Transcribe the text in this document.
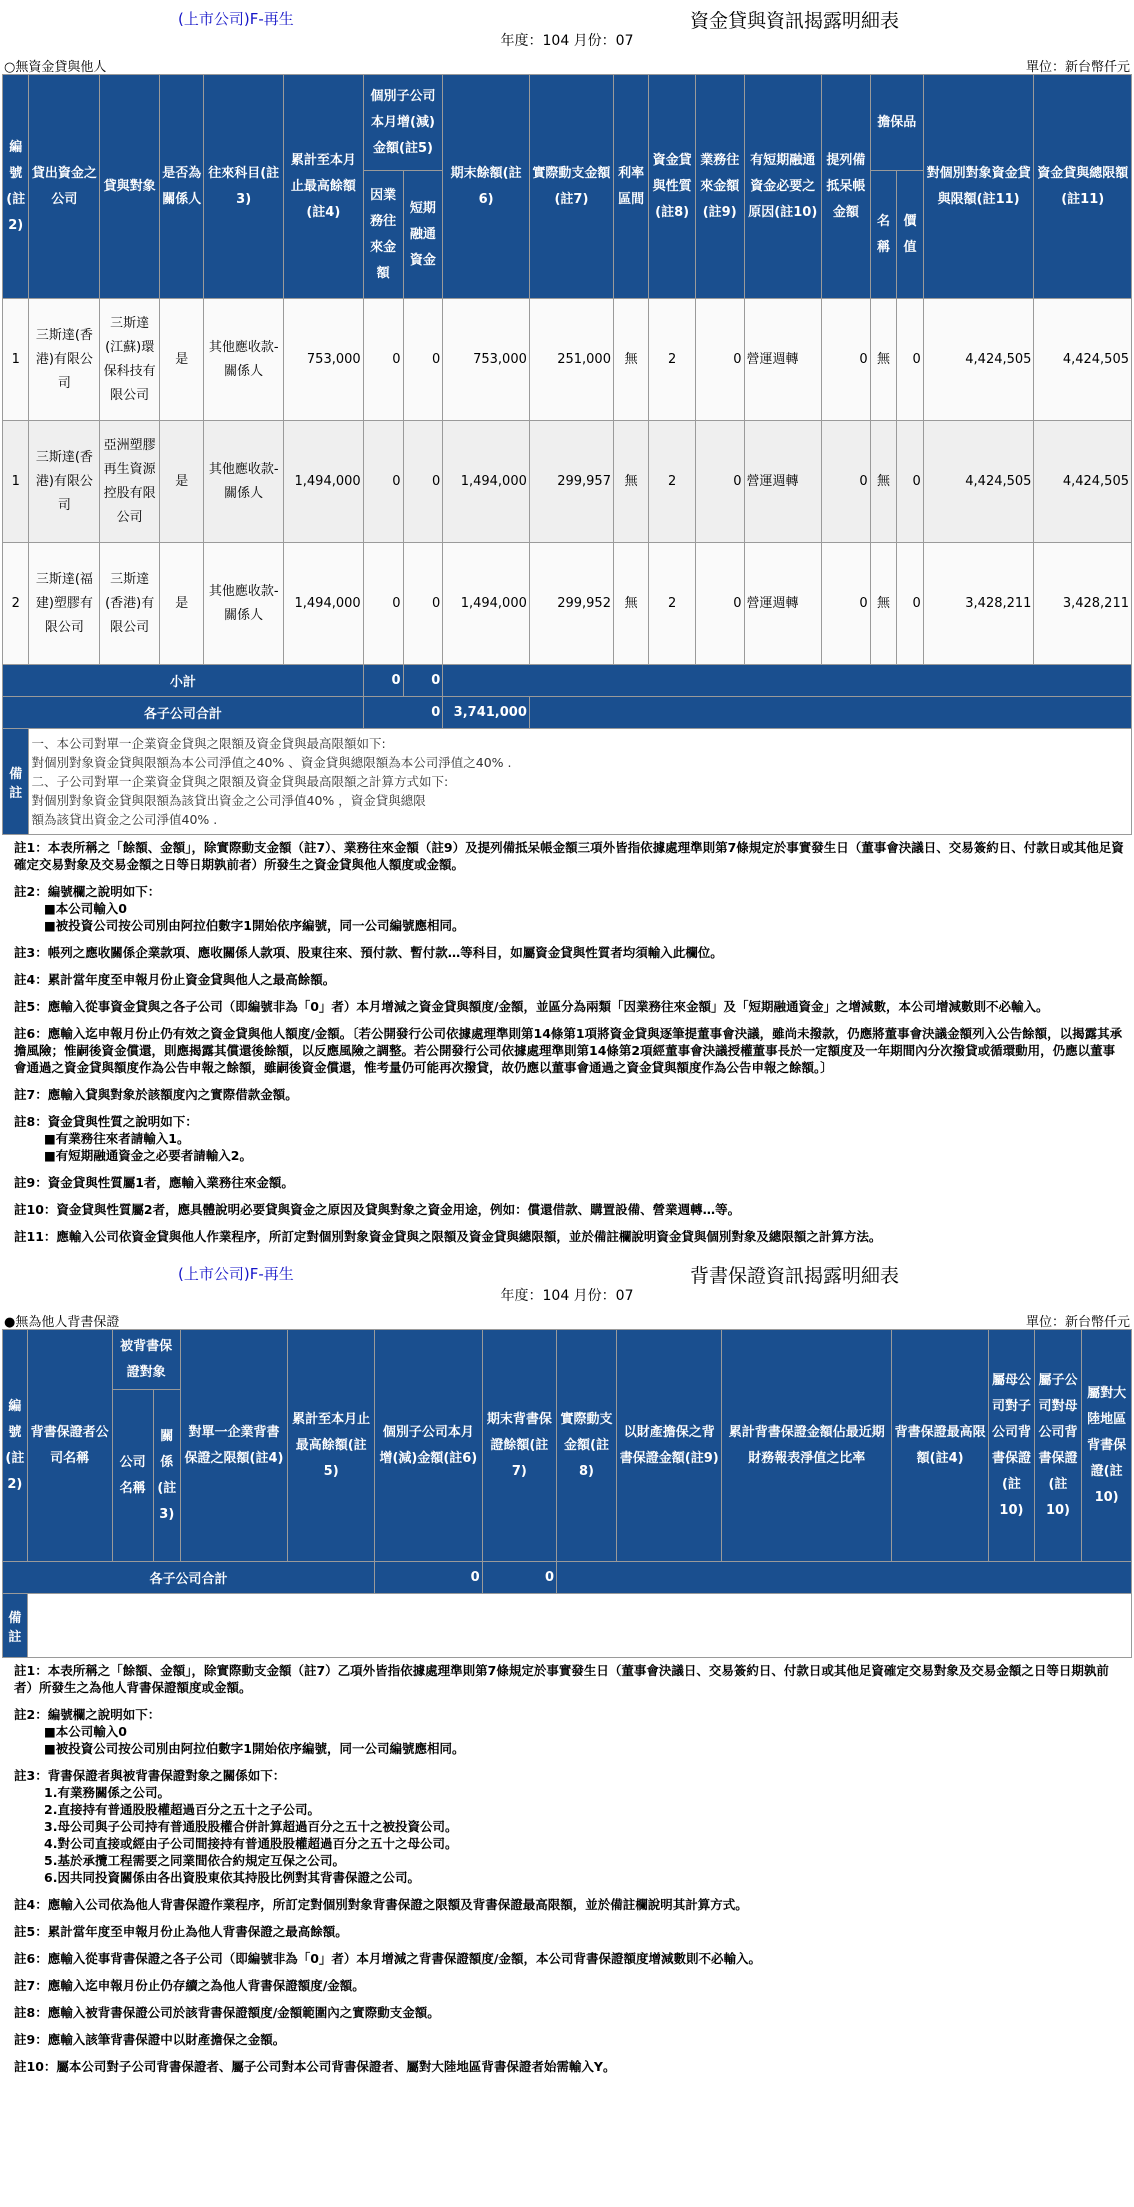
(上市公司)F-再生	資金貸與資訊揭露明細表
年度：104 月份：07
○無資金貸與他人	單位：新台幣仟元
編號(註2)	貸出資金之公司	貸與對象	是否為關係人	往來科目(註3)	累計至本月止最高餘額(註4)	個別子公司本月增(減)金額(註5)		期末餘額(註6)	實際動支金額(註7)	利率區間	資金貸與性質(註8)	業務往來金額(註9)	有短期融通資金必要之原因(註10)	提列備抵呆帳金額	擔保品		對個別對象資金貸與限額(註11)	資金貸與總限額(註11)
						因業務往來金額	短期融通資金								名稱	價值		
1	三斯達(香港)有限公司	三斯達(江蘇)環保科技有限公司	是	其他應收款-關係人	753,000	0	0	753,000	251,000	無	2	0	營運週轉	0	無	0	4,424,505	4,424,505
1	三斯達(香港)有限公司	亞洲塑膠再生資源控股有限公司	是	其他應收款-關係人	1,494,000	0	0	1,494,000	299,957	無	2	0	營運週轉	0	無	0	4,424,505	4,424,505
2	三斯達(福建)塑膠有限公司	三斯達(香港)有限公司	是	其他應收款-關係人	1,494,000	0	0	1,494,000	299,952	無	2	0	營運週轉	0	無	0	3,428,211	3,428,211
小計						0	0											
各子公司合計						0		3,741,000										
備註	一、本公司對單一企業資金貸與之限額及資金貸與最高限額如下:
對個別對象資金貸與限額為本公司淨值之40% 、資金貸與總限額為本公司淨值之40% .
二、子公司對單一企業資金貸與之限額及資金貸與最高限額之計算方式如下:
對個別對象資金貸與限額為該貸出資金之公司淨值40% ，資金貸與總限
額為該貸出資金之公司淨值40% .																	

註1：本表所稱之「餘額、金額」，除實際動支金額（註7）、業務往來金額（註9）及提列備抵呆帳金額三項外皆指依據處理準則第7條規定於事實發生日（董事會決議日、交易簽約日、付款日或其他足資確定交易對象及交易金額之日等日期孰前者）所發生之資金貸與他人額度或金額。

註2：編號欄之說明如下：

■本公司輸入0
■被投資公司按公司別由阿拉伯數字1開始依序編號，同一公司編號應相同。

註3：帳列之應收關係企業款項、應收關係人款項、股東往來、預付款、暫付款…等科目，如屬資金貸與性質者均須輸入此欄位。

註4：累計當年度至申報月份止資金貸與他人之最高餘額。

註5：應輸入從事資金貸與之各子公司（即編號非為「0」者）本月增減之資金貸與額度/金額，並區分為兩類「因業務往來金額」及「短期融通資金」之增減數，本公司增減數則不必輸入。

註6：應輸入迄申報月份止仍有效之資金貸與他人額度/金額。〔若公開發行公司依據處理準則第14條第1項將資金貸與逐筆提董事會決議，雖尚未撥款，仍應將董事會決議金額列入公告餘額，以揭露其承擔風險；惟嗣後資金償還，則應揭露其償還後餘額，以反應風險之調整。若公開發行公司依據處理準則第14條第2項經董事會決議授權董事長於一定額度及一年期間內分次撥貸或循環動用，仍應以董事會通過之資金貸與額度作為公告申報之餘額，雖嗣後資金償還，惟考量仍可能再次撥貸，故仍應以董事會通過之資金貸與額度作為公告申報之餘額。〕

註7：應輸入貸與對象於該額度內之實際借款金額。

註8：資金貸與性質之說明如下：

■有業務往來者請輸入1。
■有短期融通資金之必要者請輸入2。

註9：資金貸與性質屬1者，應輸入業務往來金額。

註10：資金貸與性質屬2者，應具體說明必要貸與資金之原因及貸與對象之資金用途，例如：償還借款、購置設備、營業週轉…等。

註11：應輸入公司依資金貸與他人作業程序，所訂定對個別對象資金貸與之限額及資金貸與總限額，並於備註欄說明資金貸與個別對象及總限額之計算方法。

(上市公司)F-再生	背書保證資訊揭露明細表
年度：104 月份：07
●無為他人背書保證	單位：新台幣仟元
編號(註2)	背書保證者公司名稱	被背書保證對象		對單一企業背書保證之限額(註4)	累計至本月止最高餘額(註5)	個別子公司本月增(減)金額(註6)	期末背書保證餘額(註7)	實際動支金額(註8)	以財產擔保之背書保證金額(註9)	累計背書保證金額佔最近期財務報表淨值之比率	背書保證最高限額(註4)	屬母公司對子公司背書保證(註10)	屬子公司對母公司背書保證(註10)	屬對大陸地區背書保證(註10)
		公司名稱	關係(註3)											
各子公司合計						0	0							
備註														

註1：本表所稱之「餘額、金額」，除實際動支金額（註7）乙項外皆指依據處理準則第7條規定於事實發生日（董事會決議日、交易簽約日、付款日或其他足資確定交易對象及交易金額之日等日期孰前者）所發生之為他人背書保證額度或金額。

註2：編號欄之說明如下：

■本公司輸入0
■被投資公司按公司別由阿拉伯數字1開始依序編號，同一公司編號應相同。

註3：背書保證者與被背書保證對象之關係如下：

1.有業務關係之公司。
2.直接持有普通股股權超過百分之五十之子公司。
3.母公司與子公司持有普通股股權合併計算超過百分之五十之被投資公司。
4.對公司直接或經由子公司間接持有普通股股權超過百分之五十之母公司。
5.基於承攬工程需要之同業間依合約規定互保之公司。
6.因共同投資關係由各出資股東依其持股比例對其背書保證之公司。

註4：應輸入公司依為他人背書保證作業程序，所訂定對個別對象背書保證之限額及背書保證最高限額，並於備註欄說明其計算方式。

註5：累計當年度至申報月份止為他人背書保證之最高餘額。

註6：應輸入從事背書保證之各子公司（即編號非為「0」者）本月增減之背書保證額度/金額，本公司背書保證額度增減數則不必輸入。

註7：應輸入迄申報月份止仍存續之為他人背書保證額度/金額。

註8：應輸入被背書保證公司於該背書保證額度/金額範圍內之實際動支金額。

註9：應輸入該筆背書保證中以財產擔保之金額。

註10：屬本公司對子公司背書保證者、屬子公司對本公司背書保證者、屬對大陸地區背書保證者始需輸入Y。
